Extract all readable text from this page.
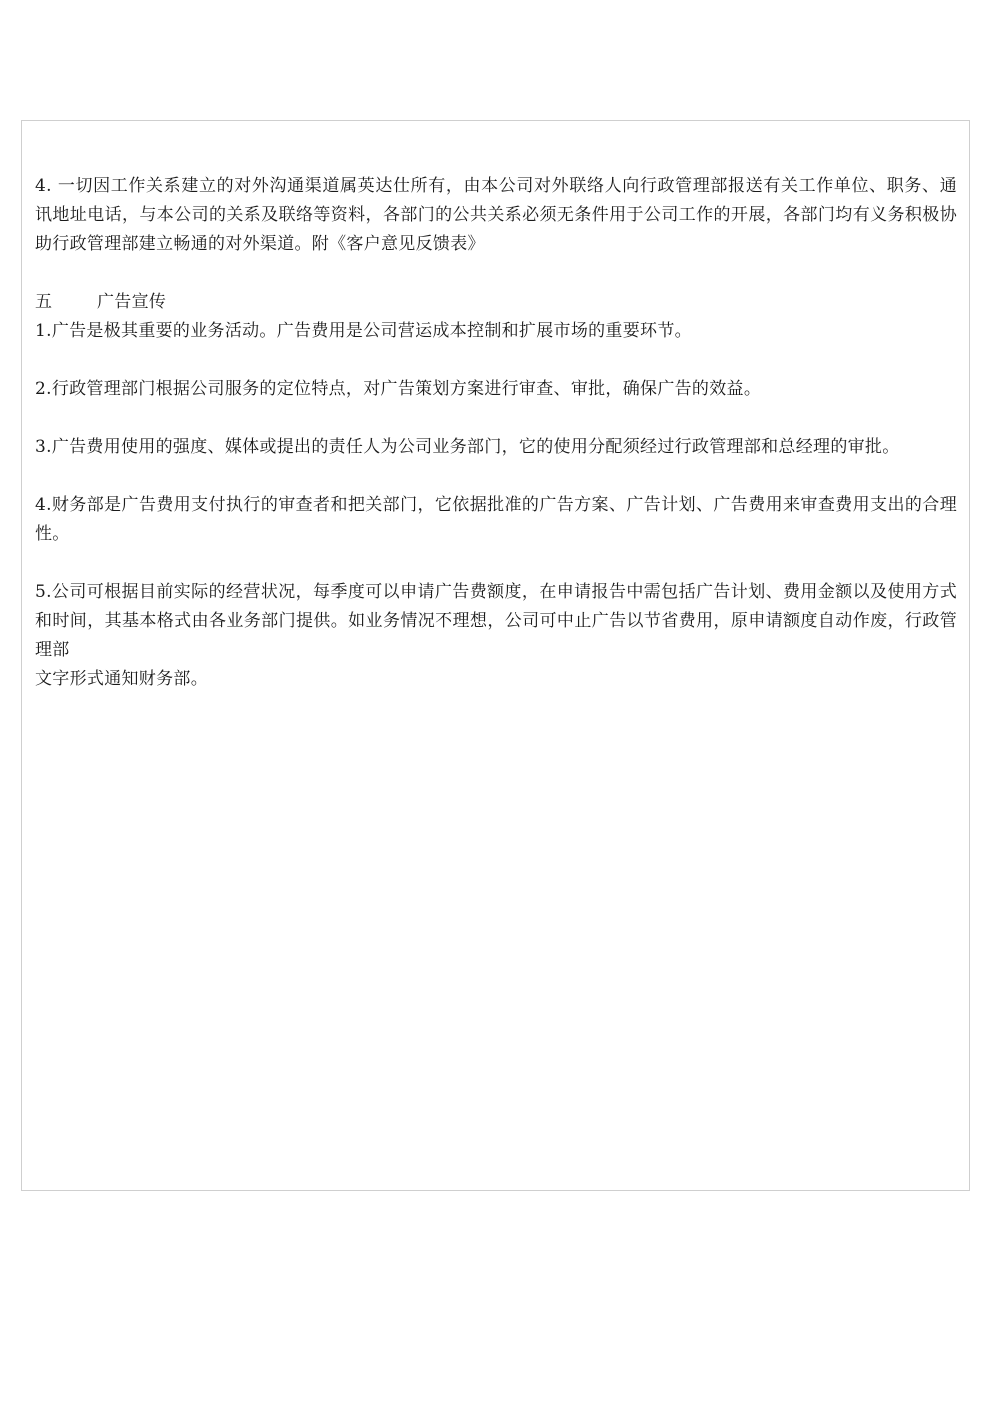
4. 一切因工作关系建立的对外沟通渠道属英达仕所有，由本公司对外联络人向行政管理部报送有关工作单位、职务、通讯地址电话，与本公司的关系及联络等资料，各部门的公共关系必须无条件用于公司工作的开展，各部门均有义务积极协助行政管理部建立畅通的对外渠道。附《客户意见反馈表》

五	广告宣传

1.广告是极其重要的业务活动。广告费用是公司营运成本控制和扩展市场的重要环节。

2.行政管理部门根据公司服务的定位特点，对广告策划方案进行审查、审批，确保广告的效益。

3.广告费用使用的强度、媒体或提出的责任人为公司业务部门，它的使用分配须经过行政管理部和总经理的审批。

4.财务部是广告费用支付执行的审查者和把关部门，它依据批准的广告方案、广告计划、广告费用来审查费用支出的合理性。

5.公司可根据目前实际的经营状况，每季度可以申请广告费额度，在申请报告中需包括广告计划、费用金额以及使用方式和时间，其基本格式由各业务部门提供。如业务情况不理想，公司可中止广告以节省费用，原申请额度自动作废，行政管理部

文字形式通知财务部。
